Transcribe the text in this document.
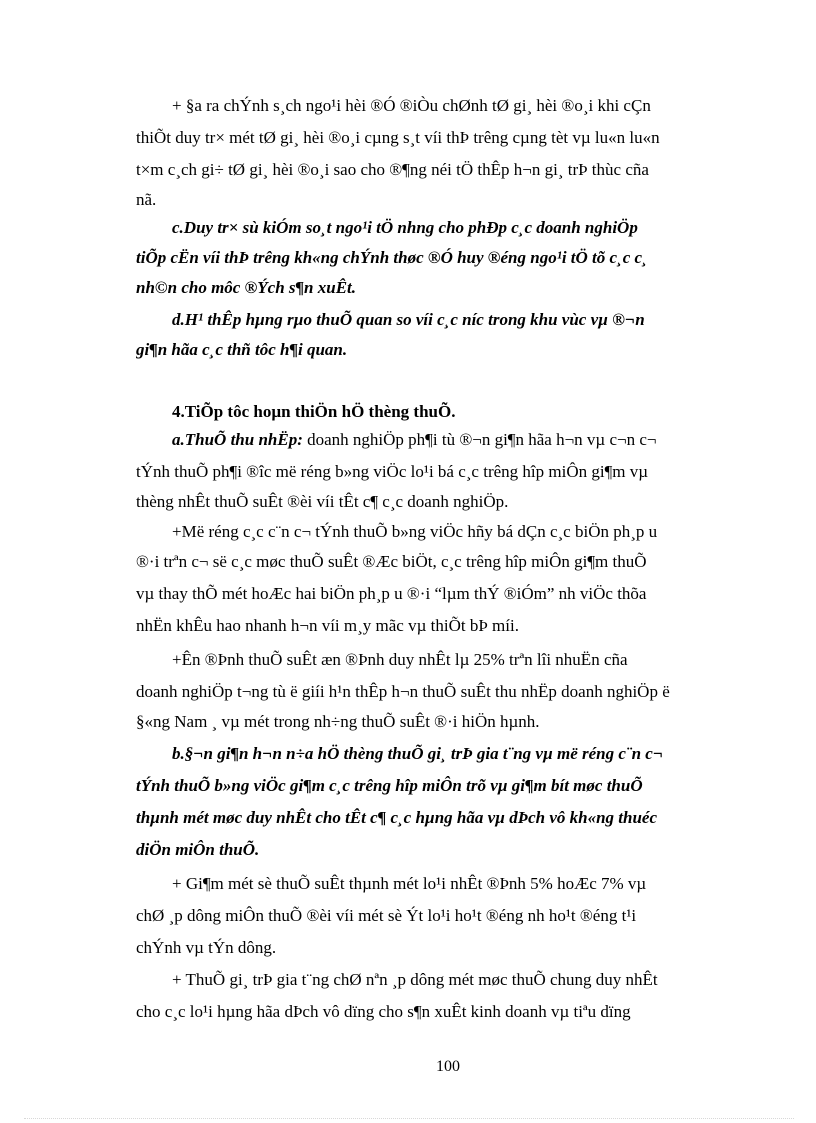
+ §a ra chÝnh s¸ch ngo¹i hèi ®Ó ®iÒu chØnh tØ gi¸ hèi ®o¸i khi cÇn
thiÕt duy tr× mét tØ gi¸ hèi ®o¸i cµng s¸t víi thÞ trêng cµng tèt vµ lu«n lu«n
t×m c¸ch gi÷ tØ gi¸ hèi ®o¸i sao cho ®¶ng néi tÖ thÊp h¬n gi¸ trÞ thùc cña
nã.
c.Duy tr× sù kiÓm so¸t ngo¹i tÖ nhng cho phÐp c¸c doanh nghiÖp
tiÕp cËn víi thÞ trêng kh«ng chÝnh thøc ®Ó huy ®éng ngo¹i tÖ tõ c¸c c¸
nh©n cho môc ®Ých s¶n xuÊt.
d.H¹ thÊp hµng rµo thuÕ quan so víi c¸c níc trong khu vùc vµ ®¬n
gi¶n hãa c¸c thñ tôc h¶i quan.
4.TiÕp tôc hoµn thiÖn hÖ thèng thuÕ.
a.ThuÕ thu nhËp: doanh nghiÖp ph¶i tù ®¬n gi¶n hãa h¬n vµ c¬n c¬
tÝnh thuÕ ph¶i ®îc më réng b»ng viÖc lo¹i bá c¸c trêng hîp miÔn gi¶m vµ
thèng nhÊt thuÕ suÊt ®èi víi tÊt c¶ c¸c doanh nghiÖp.
+Më réng c¸c c¨n c¬ tÝnh thuÕ b»ng viÖc hñy bá dÇn c¸c biÖn ph¸p u
®·i trªn c¬ së c¸c møc thuÕ suÊt ®Æc biÖt, c¸c trêng hîp miÔn gi¶m thuÕ
vµ thay thÕ mét hoÆc hai biÖn ph¸p u ®·i “lµm thÝ ®iÓm” nh viÖc thõa
nhËn khÊu hao nhanh h¬n víi m¸y mãc vµ thiÕt bÞ míi.
+Ên ®Þnh thuÕ suÊt æn ®Þnh duy nhÊt lµ 25% trªn lîi nhuËn cña
doanh nghiÖp t¬ng tù ë giíi h¹n thÊp h¬n thuÕ suÊt thu nhËp doanh nghiÖp ë
§«ng Nam ¸ vµ mét trong nh÷ng thuÕ suÊt ®·i hiÖn hµnh.
b.§¬n gi¶n h¬n n÷a hÖ thèng thuÕ gi¸ trÞ gia t¨ng vµ më réng c¨n c¬
tÝnh thuÕ b»ng viÖc gi¶m c¸c trêng hîp miÔn trõ vµ gi¶m bít møc thuÕ
thµnh mét møc duy nhÊt cho tÊt c¶ c¸c hµng hãa vµ dÞch vô kh«ng thuéc
diÖn miÔn thuÕ.
+ Gi¶m mét sè thuÕ suÊt thµnh mét lo¹i nhÊt ®Þnh 5% hoÆc 7% vµ
chØ ¸p dông miÔn thuÕ ®èi víi mét sè Ýt lo¹i ho¹t ®éng nh ho¹t ®éng t¹i
chÝnh vµ tÝn dông.
+ ThuÕ gi¸ trÞ gia t¨ng chØ nªn ¸p dông mét møc thuÕ chung duy nhÊt
cho c¸c lo¹i hµng hãa dÞch vô dïng cho s¶n xuÊt kinh doanh vµ tiªu dïng
100
